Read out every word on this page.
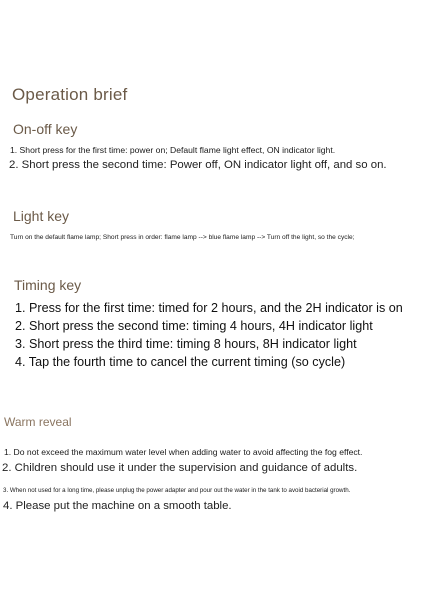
Operation brief
On-off key
1. Short press for the first time: power on; Default flame light effect, ON indicator light.
2. Short press the second time: Power off, ON indicator light off, and so on.
Light key
Turn on the default flame lamp; Short press in order: flame lamp --> blue flame lamp --> Turn off the light, so the cycle;
Timing key
1. Press for the first time: timed for 2 hours, and the 2H indicator is on
2. Short press the second time: timing 4 hours, 4H indicator light
3. Short press the third time: timing 8 hours, 8H indicator light
4. Tap the fourth time to cancel the current timing (so cycle)
Warm reveal
1. Do not exceed the maximum water level when adding water to avoid affecting the fog effect.
2. Children should use it under the supervision and guidance of adults.
3. When not used for a long time, please unplug the power adapter and pour out the water in the tank to avoid bacterial growth.
4. Please put the machine on a smooth table.
